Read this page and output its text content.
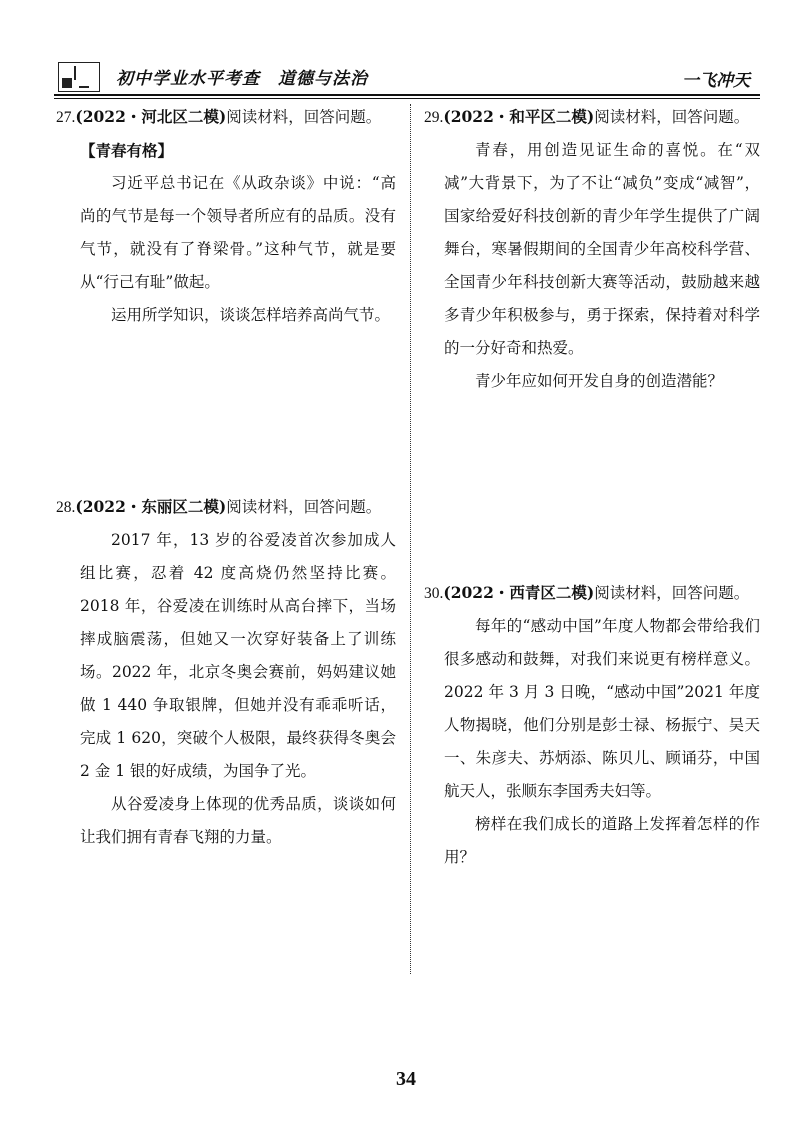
初中学业水平考查　道德与法治	一飞冲天

27.(2022・河北区二模)阅读材料，回答问题。

【青春有格】

习近平总书记在《从政杂谈》中说：“高尚的气节是每一个领导者所应有的品质。没有气节，就没有了脊梁骨。”这种气节，就是要从“行己有耻”做起。

运用所学知识，谈谈怎样培养高尚气节。

28.(2022・东丽区二模)阅读材料，回答问题。

2017 年，13 岁的谷爱凌首次参加成人组比赛，忍着 42 度高烧仍然坚持比赛。2018 年，谷爱凌在训练时从高台摔下，当场摔成脑震荡，但她又一次穿好装备上了训练场。2022 年，北京冬奥会赛前，妈妈建议她做 1 440 争取银牌，但她并没有乖乖听话，完成 1 620，突破个人极限，最终获得冬奥会 2 金 1 银的好成绩，为国争了光。

从谷爱凌身上体现的优秀品质，谈谈如何让我们拥有青春飞翔的力量。

29.(2022・和平区二模)阅读材料，回答问题。

青春，用创造见证生命的喜悦。在“双减”大背景下，为了不让“减负”变成“减智”，国家给爱好科技创新的青少年学生提供了广阔舞台，寒暑假期间的全国青少年高校科学营、全国青少年科技创新大赛等活动，鼓励越来越多青少年积极参与，勇于探索，保持着对科学的一分好奇和热爱。

青少年应如何开发自身的创造潜能？

30.(2022・西青区二模)阅读材料，回答问题。

每年的“感动中国”年度人物都会带给我们很多感动和鼓舞，对我们来说更有榜样意义。2022 年 3 月 3 日晚，“感动中国”2021 年度人物揭晓，他们分别是彭士禄、杨振宁、吴天一、朱彦夫、苏炳添、陈贝儿、顾诵芬，中国航天人，张顺东李国秀夫妇等。

榜样在我们成长的道路上发挥着怎样的作用？

34
